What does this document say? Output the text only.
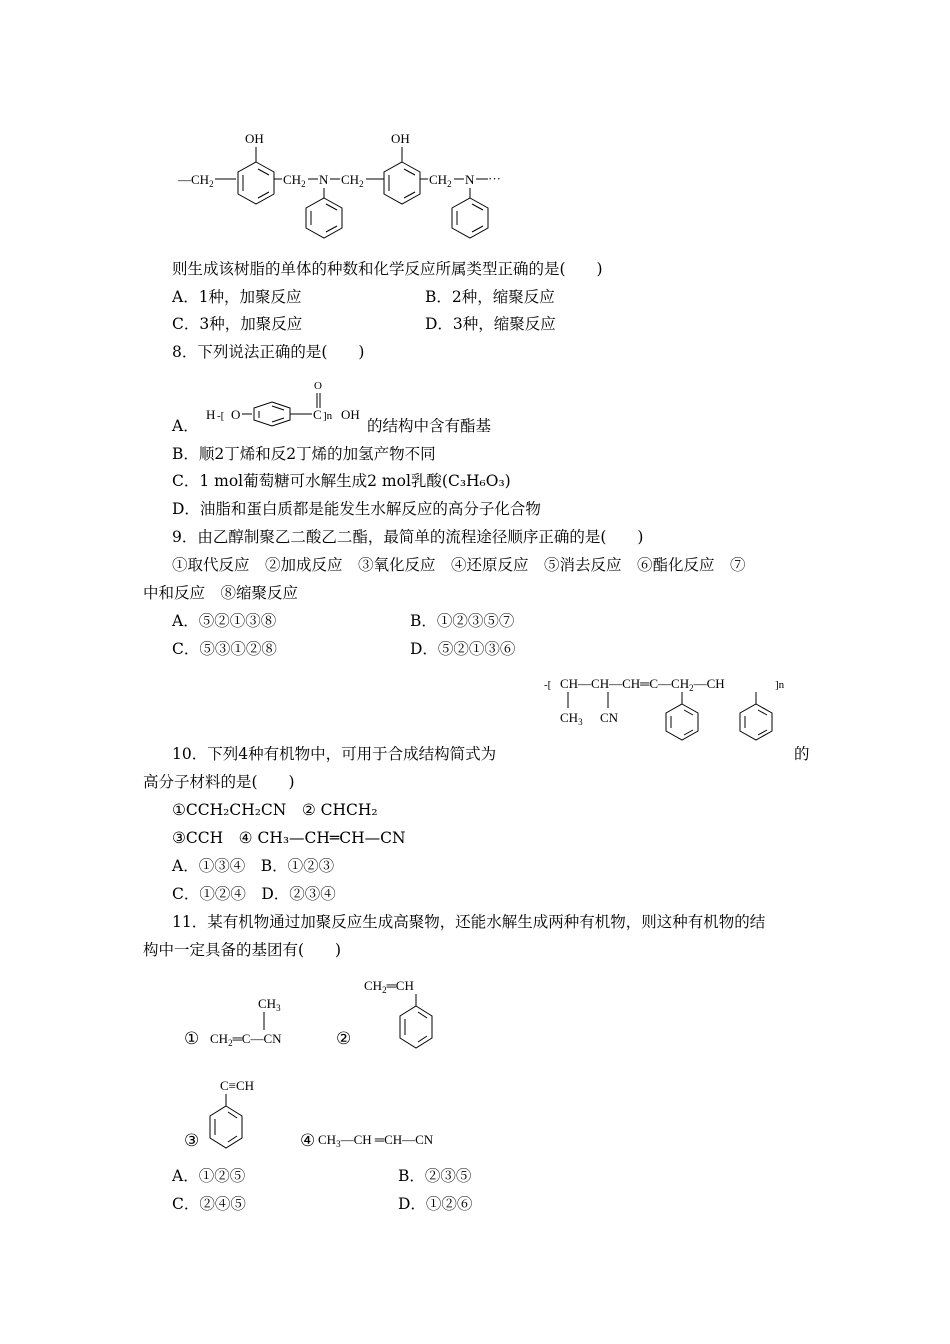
OH	OH
$—CH_2$	$CH_2$ N $CH_2$	$CH_2$ N ···
则生成该树脂的单体的种数和化学反应所属类型正确的是(　　)
A．1种，加聚反应	B．2种，缩聚反应
C．3种，加聚反应	D．3种，缩聚反应
8．下列说法正确的是(　　)
A．
H -[ O
O
C ]n OH
的结构中含有酯基
B．顺2丁烯和反2丁烯的加氢产物不同
C．1 mol葡萄糖可水解生成2 mol乳酸(C₃H₆O₃)
D．油脂和蛋白质都是能发生水解反应的高分子化合物
9．由乙醇制聚乙二酸乙二酯，最简单的流程途径顺序正确的是(　　)
①取代反应　②加成反应　③氧化反应　④还原反应　⑤消去反应　⑥酯化反应　⑦
中和反应　⑧缩聚反应
A．⑤②①③⑧	B．①②③⑤⑦
C．⑤③①②⑧	D．⑤②①③⑥
-[ $CH—CH—CH═C—CH_2—CH$	]n
$CH_3$ CN
10．下列4种有机物中，可用于合成结构简式为	的
高分子材料的是(　　)
①CCH₂CH₂CN　② CHCH₂
③CCH　④ CH₃—CH═CH—CN
A．①③④　B．①②③
C．①②④　D．②③④
11．某有机物通过加聚反应生成高聚物，还能水解生成两种有机物，则这种有机物的结
构中一定具备的基团有(　　)
①
$CH_3$
$CH_2═C—CN$	②
$CH_2═CH$
③
C≡CH
④ $CH_3—CH$ ═CH—CN
A．①②⑤	B．②③⑤
C．②④⑤	D．①②⑥
